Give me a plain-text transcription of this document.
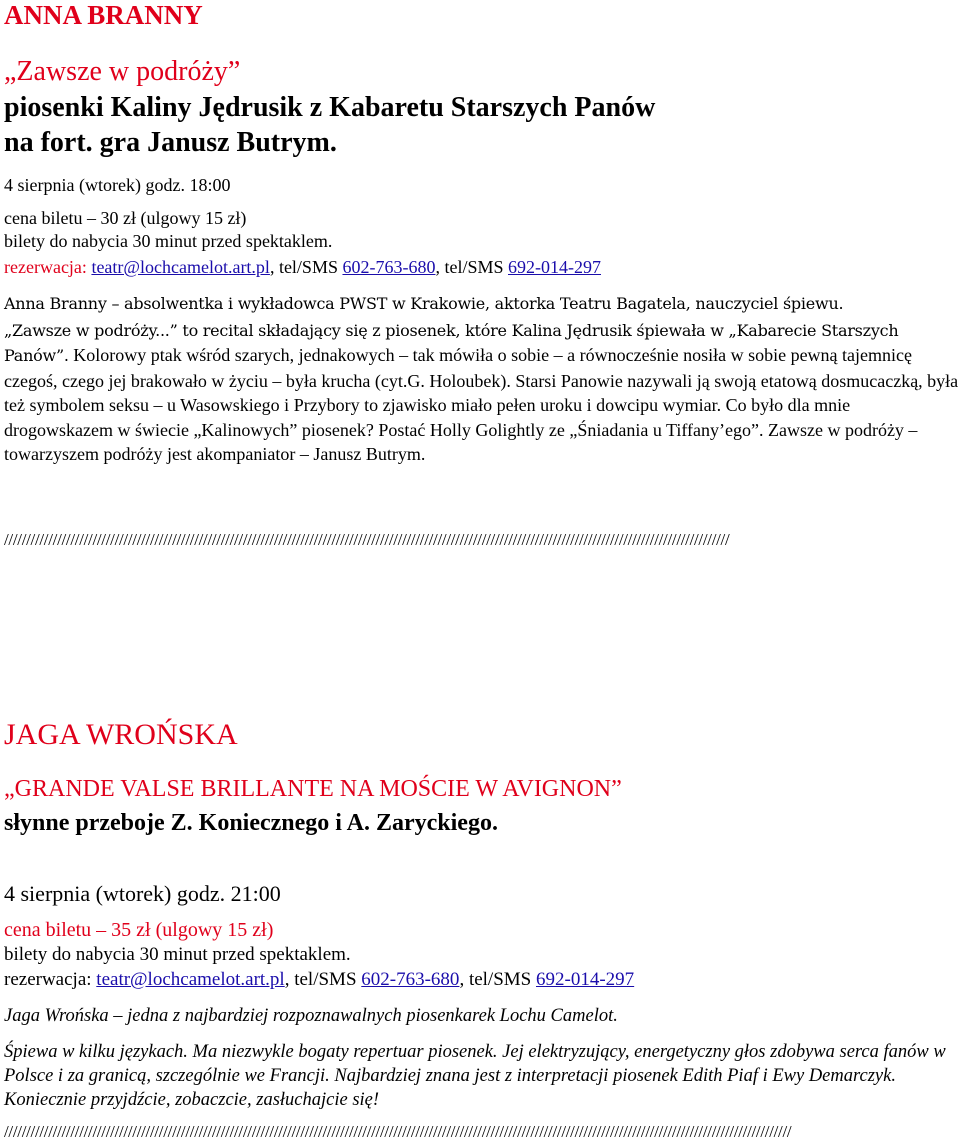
ANNA BRANNY
„Zawsze w podróży”
piosenki Kaliny Jędrusik z Kabaretu Starszych Panów
na fort. gra Janusz Butrym.
4 sierpnia (wtorek) godz. 18:00
cena biletu – 30 zł (ulgowy 15 zł)
bilety do nabycia 30 minut przed spektaklem.
rezerwacja: teatr@lochcamelot.art.pl, tel/SMS 602-763-680, tel/SMS 692-014-297
Anna Branny – absolwentka i wykładowca PWST w Krakowie, aktorka Teatru Bagatela, nauczyciel śpiewu.
„Zawsze w podróży...” to recital składający się z piosenek, które Kalina Jędrusik śpiewała w „Kabarecie Starszych Panów”. Kolorowy ptak wśród szarych, jednakowych – tak mówiła o sobie – a równocześnie nosiła w sobie pewną tajemnicę czegoś, czego jej brakowało w życiu – była krucha (cyt.G. Holoubek). Starsi Panowie nazywali ją swoją etatową dosmucaczką, była też symbolem seksu – u Wasowskiego i Przybory to zjawisko miało pełen uroku i dowcipu wymiar. Co było dla mnie drogowskazem w świecie „Kalinowych” piosenek? Postać Holly Golightly ze „Śniadania u Tiffany’ego”. Zawsze w podróży – towarzyszem podróży jest akompaniator – Janusz Butrym.
////////////////////////////////////////////////////////////////////////////////////////////////////////////////////////////////////////////////////////////////////
JAGA WROŃSKA
„GRANDE VALSE BRILLANTE NA MOŚCIE W AVIGNON”
słynne przeboje Z. Koniecznego i A. Zaryckiego.
4 sierpnia (wtorek) godz. 21:00
cena biletu – 35 zł (ulgowy 15 zł)
bilety do nabycia 30 minut przed spektaklem.
rezerwacja: teatr@lochcamelot.art.pl, tel/SMS 602-763-680, tel/SMS 692-014-297
Jaga Wrońska – jedna z najbardziej rozpoznawalnych piosenkarek Lochu Camelot.
Śpiewa w kilku językach. Ma niezwykle bogaty repertuar piosenek. Jej elektryzujący, energetyczny głos zdobywa serca fanów w Polsce i za granicą, szczególnie we Francji. Najbardziej znana jest z interpretacji piosenek Edith Piaf i Ewy Demarczyk. Koniecznie przyjdźcie, zobaczcie, zasłuchajcie się!
//////////////////////////////////////////////////////////////////////////////////////////////////////////////////////////////////////////////////////////////////////////////////
